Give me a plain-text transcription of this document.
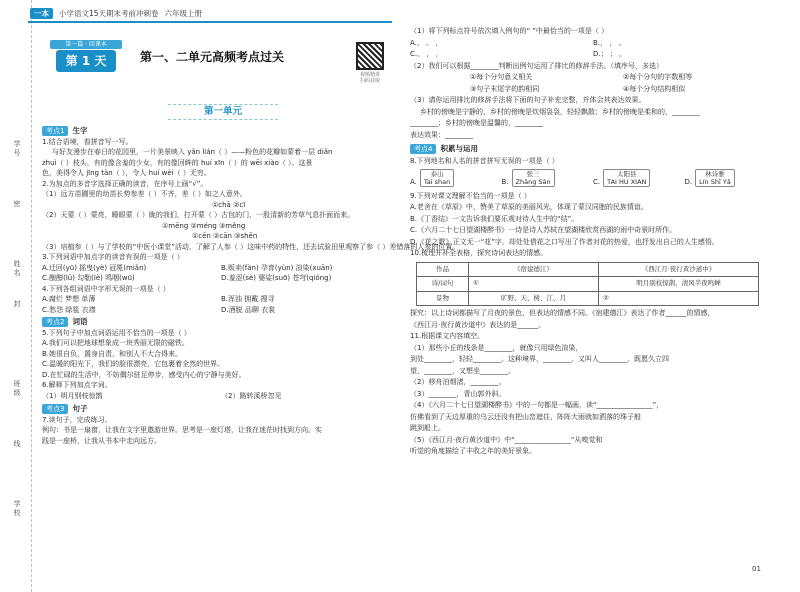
学号
密
姓名
封
班级
线
学校
一本	小学语文15天期末考前冲刺卷 六年级上册
第一篇 · 回课本
第 1 天	第一、二单元高频考点过关
视频精讲
扫码获取
第一单元
考点1 生字
1.结合语境，看拼音写一写。
与好友漫步在春日的花园里，一片美景映入 yǎn lián（ ）——粉色的花瓣如蒙着一层 diǎn
zhuì（ ）枝头，有的像含羞的少女，有的像回眸的 huí xīn（ ）的 wēi xiào（ ）。这景
色，美得令人 jīng tàn（ ），令人 huí wèi（ ）无穷。
2.为加点的多音字选择正确的读音，在序号上画“√”。
（1）远方苗圃里的幼苗长势参差（ ）不齐，差（ ）如之人意外。
①chā ②cī
（2）天蒙（ ）蒙亮，睡眼蒙（ ）眬的我们，打开蒙（ ）古包的门，一股清新的芳草气息扑面而来。
①mēng ②méng ③měng
①cēn ②cān ③shēn
（3）培植参（ ）与了学校的“中医小课堂”活动，了解了人参（ ）这味中药的特性，还去试验田里观察了参（ ）差错落的人参的位置。
3.下列词语中加点字的读音有误的一项是（ ）
A.迁回(yū) 摇曳(yè) 冠冕(miǎn)	B.贩卖(fàn) 孕育(yùn) 渲染(xuān)
C.酿醇(lǔ) 勾勒(lè) 鸣咽(wū)	D.羞涩(sè) 婆娑(suō) 苍穹(qióng)
4.下列各组词语中字形无误的一项是（ ）
A.腐烂 梦想 单薄	B.浑浊 拥戴 搜寻
C.愁怨 绿毯 衣襟	D.酒脱 品聊 衣裳
考点2 词语
5.下列句子中加点词语运用不恰当的一项是（ ）
A.我们可以把地球想象成一块秀丽无限的磁铁。
B.她很自负，置身自责，和别人不大合得来。
C.温暖的阳光下，我们的脸很漂亮，它包裹着全然的世界。
D.在忙碌的生活中，不妨偶尔驻足停步，感受内心的宁静与美好。
6.解释下列加点字词。
（1）明月别枝惊鹊	（2）路转溪桥忽见
考点3 句子
7.读句子，完成练习。
例句：书是一扇窗，让我在文字里遨游世界。思考是一座灯塔，让我在迷茫时找到方向。实
践是一座桥，让我从书本中走向远方。
（1）将下列标点符号依次填入例句的“ ”中最恰当的一项是（ ）
A.， 。 ，	B.， ， 。
C.。 ， ，	D.； ； 。
（2）我们可以根据________判断出例句运用了排比的修辞手法。（填序号，多选）
①每个分句意义相关	②每个分句的字数相等
③句子末尾字的韵相同	④每个分句结构相似
（3）请你运用排比的修辞手法将下面的句子补充完整，并体会其表达效果。
乡村的傍晚是宁静的，乡村的傍晚是炊烟袅袅，轻轻飘散；乡村的傍晚是柔和的，________
________；乡村的傍晚是温馨的，________
表达效果：________
考点4 积累与运用
8.下列地名和人名的拼音拼写无误的一项是（ ）
A.泰山
Tai shan	B.张三
Zhāng Sān	C.太阳县
TAI HU XIAN	D.林诗雅
Lín Shī Yǎ
9.下列对课文理解不恰当的一项是（ ）
A.老舍在《草原》中，赞美了草原的美丽风光，体现了蒙汉同胞的民族情谊。
B.《丁香结》一文告诉我们要乐观对待人生中的“结”。
C.《六月二十七日望湖楼醉书》一诗是诗人苏轼在望湖楼欣赏西湖的雨中奇景时所作。
D.《花之歌》正文无一“花”字，却处处借花之口写出了作者对花的热爱，也抒发出自己的人生感悟。
10.梳理并补全表格，探究诗词表达的情感。
作品	《宿建德江》	《西江月·夜行黄沙道中》
诗/词句	①	明月别枝惊鹊，清风半夜鸣蝉
景物	旷野、天、树、江、月	②
探究：以上诗词都描写了月夜的景色，但表达的情感不同。《宿建德江》表达了作者______的情感，
《西江月·夜行黄沙道中》表达的是______。
11.根据课文内容填空。
（1）那些小丘的线条是________，就像只用绿色渲染，
到处________，轻轻________。这种境界，________，又叫人________，既愿久立四
望，________，又想坐________。
（2）移舟泊烟渚，________。
（3）________，青山郭外斜。
（4）《六月二十七日望湖楼醉书》中的一句都是一幅画，读“________________”，
仿佛看到了天边厚重的乌云还没有把山峦遮住，阵阵大雨就如洒落的珠子般
跳到船上。
（5）《西江月·夜行黄沙道中》中“________________”从嗅觉和
听觉的角度描绘了丰收之年的美好景象。
01
